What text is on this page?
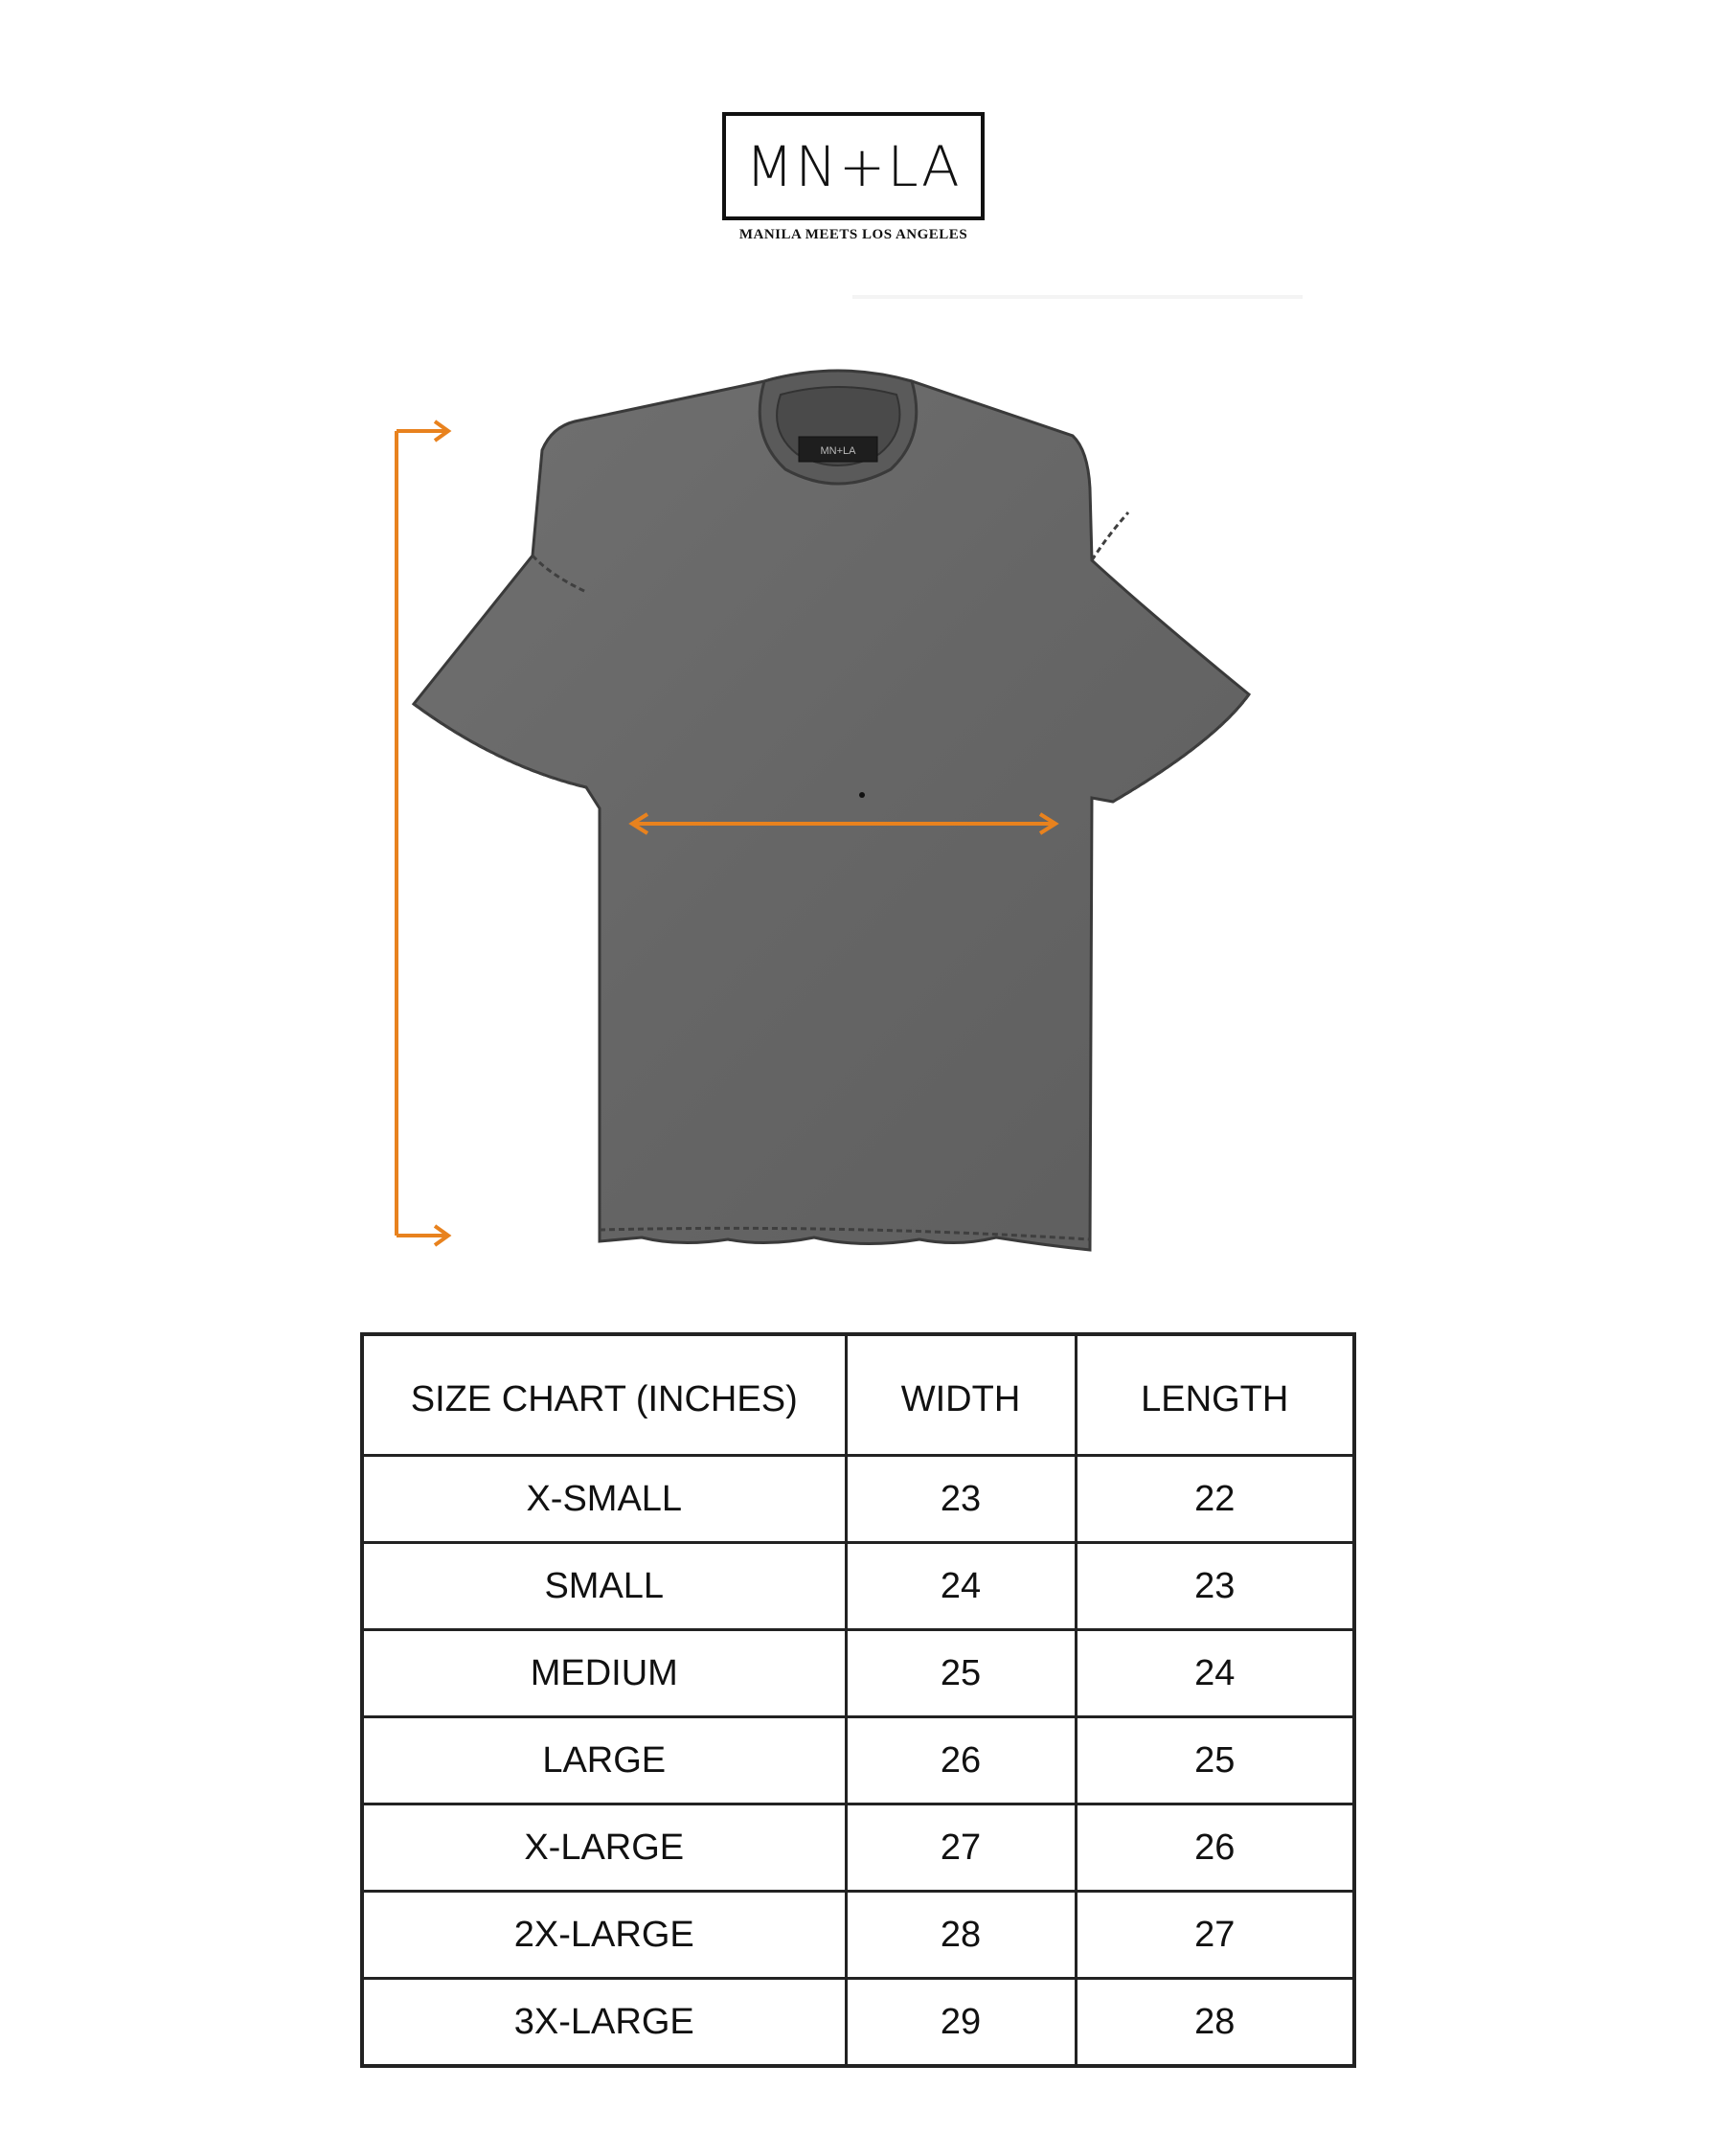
MN+LA
MANILA MEETS LOS ANGELES
MN+LA
SIZE CHART (INCHES)	WIDTH	LENGTH
X-SMALL	23	22
SMALL	24	23
MEDIUM	25	24
LARGE	26	25
X-LARGE	27	26
2X-LARGE	28	27
3X-LARGE	29	28
